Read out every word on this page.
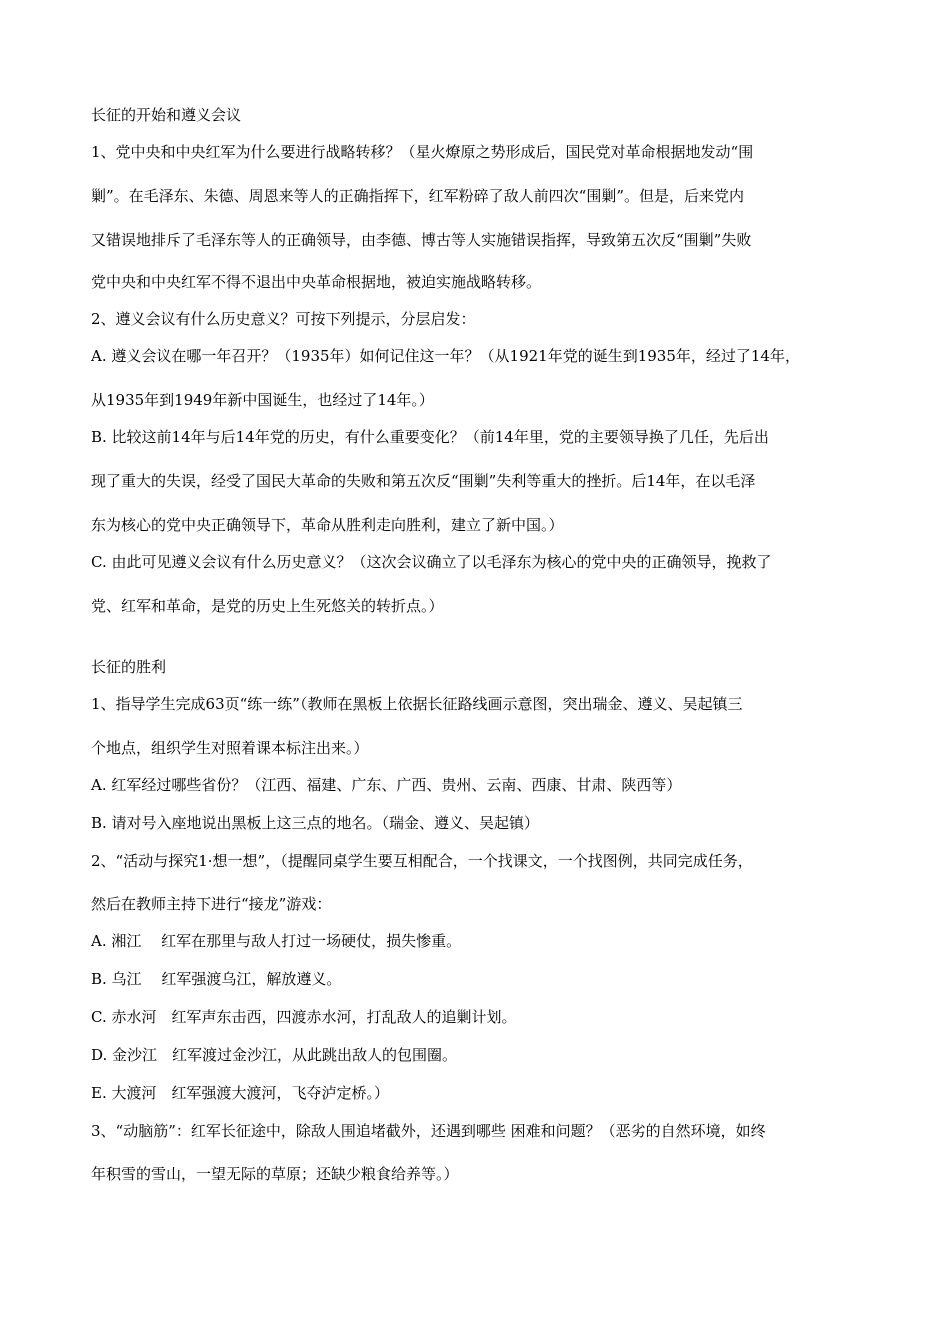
长征的开始和遵义会议
1、党中央和中央红军为什么要进行战略转移？（星火燎原之势形成后，国民党对革命根据地发动“围
剿”。在毛泽东、朱德、周恩来等人的正确指挥下，红军粉碎了敌人前四次“围剿”。但是，后来党内
又错误地排斥了毛泽东等人的正确领导，由李德、博古等人实施错误指挥，导致第五次反“围剿”失败
党中央和中央红军不得不退出中央革命根据地，被迫实施战略转移。
2、遵义会议有什么历史意义？可按下列提示，分层启发：
A. 遵义会议在哪一年召开？（1935年）如何记住这一年？（从1921年党的诞生到1935年，经过了14年，
从1935年到1949年新中国诞生，也经过了14年。）
B. 比较这前14年与后14年党的历史，有什么重要变化？（前14年里，党的主要领导换了几任，先后出
现了重大的失误，经受了国民大革命的失败和第五次反“围剿”失利等重大的挫折。后14年，在以毛泽
东为核心的党中央正确领导下，革命从胜利走向胜利，建立了新中国。）
C. 由此可见遵义会议有什么历史意义？（这次会议确立了以毛泽东为核心的党中央的正确领导，挽救了
党、红军和革命，是党的历史上生死悠关的转折点。）
长征的胜利
1、指导学生完成63页“练一练”（教师在黑板上依据长征路线画示意图，突出瑞金、遵义、吴起镇三
个地点，组织学生对照着课本标注出来。）
A. 红军经过哪些省份？（江西、福建、广东、广西、贵州、云南、西康、甘肃、陕西等）
B. 请对号入座地说出黑板上这三点的地名。（瑞金、遵义、吴起镇）
2、“活动与探究1·想一想”，（提醒同桌学生要互相配合，一个找课文，一个找图例，共同完成任务，
然后在教师主持下进行“接龙”游戏：
A. 湘江　 红军在那里与敌人打过一场硬仗，损失惨重。
B. 乌江　 红军强渡乌江，解放遵义。
C. 赤水河　红军声东击西，四渡赤水河，打乱敌人的追剿计划。
D. 金沙江　红军渡过金沙江，从此跳出敌人的包围圈。
E. 大渡河　红军强渡大渡河，飞夺泸定桥。）
3、“动脑筋”：红军长征途中，除敌人围追堵截外，还遇到哪些 困难和问题？（恶劣的自然环境，如终
年积雪的雪山，一望无际的草原；还缺少粮食给养等。）
